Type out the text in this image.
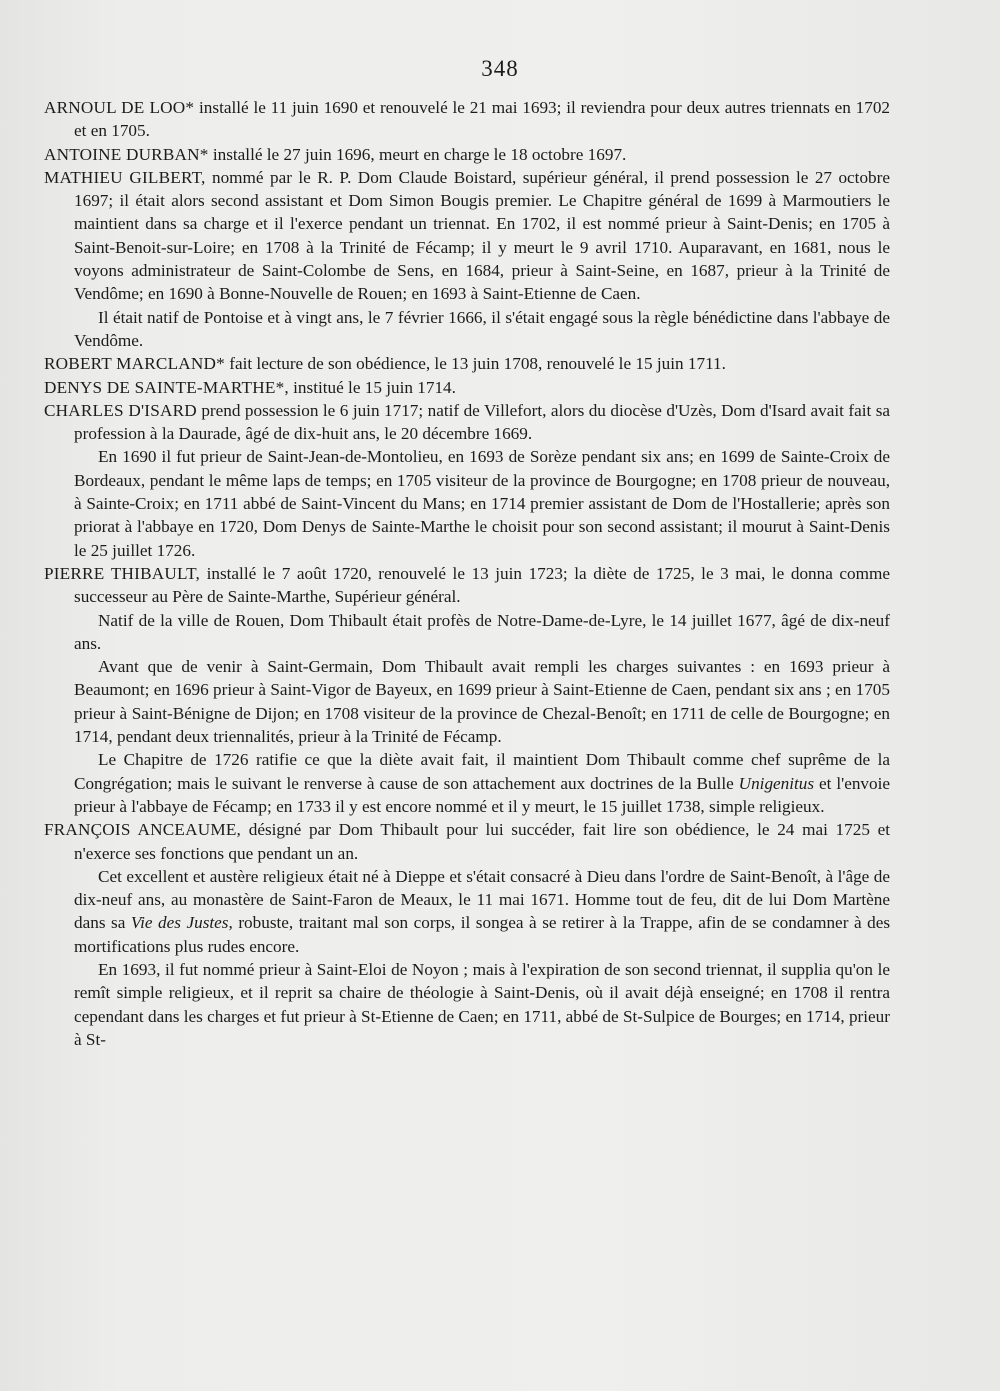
348

ARNOUL DE LOO* installé le 11 juin 1690 et renouvelé le 21 mai 1693; il reviendra pour deux autres triennats en 1702 et en 1705.

ANTOINE DURBAN* installé le 27 juin 1696, meurt en charge le 18 octobre 1697.

MATHIEU GILBERT, nommé par le R. P. Dom Claude Boistard, supérieur général, il prend possession le 27 octobre 1697; il était alors second assistant et Dom Simon Bougis premier. Le Chapitre général de 1699 à Marmoutiers le maintient dans sa charge et il l'exerce pendant un triennat. En 1702, il est nommé prieur à Saint-Denis; en 1705 à Saint-Benoit-sur-Loire; en 1708 à la Trinité de Fécamp; il y meurt le 9 avril 1710. Auparavant, en 1681, nous le voyons administrateur de Saint-Colombe de Sens, en 1684, prieur à Saint-Seine, en 1687, prieur à la Trinité de Vendôme; en 1690 à Bonne-Nouvelle de Rouen; en 1693 à Saint-Etienne de Caen.

Il était natif de Pontoise et à vingt ans, le 7 février 1666, il s'était engagé sous la règle bénédictine dans l'abbaye de Vendôme.

ROBERT MARCLAND* fait lecture de son obédience, le 13 juin 1708, renouvelé le 15 juin 1711.

DENYS DE SAINTE-MARTHE*, institué le 15 juin 1714.

CHARLES D'ISARD prend possession le 6 juin 1717; natif de Villefort, alors du diocèse d'Uzès, Dom d'Isard avait fait sa profession à la Daurade, âgé de dix-huit ans, le 20 décembre 1669.

En 1690 il fut prieur de Saint-Jean-de-Montolieu, en 1693 de Sorèze pendant six ans; en 1699 de Sainte-Croix de Bordeaux, pendant le même laps de temps; en 1705 visiteur de la province de Bourgogne; en 1708 prieur de nouveau, à Sainte-Croix; en 1711 abbé de Saint-Vincent du Mans; en 1714 premier assistant de Dom de l'Hostallerie; après son priorat à l'abbaye en 1720, Dom Denys de Sainte-Marthe le choisit pour son second assistant; il mourut à Saint-Denis le 25 juillet 1726.

PIERRE THIBAULT, installé le 7 août 1720, renouvelé le 13 juin 1723; la diète de 1725, le 3 mai, le donna comme successeur au Père de Sainte-Marthe, Supérieur général.

Natif de la ville de Rouen, Dom Thibault était profès de Notre-Dame-de-Lyre, le 14 juillet 1677, âgé de dix-neuf ans.

Avant que de venir à Saint-Germain, Dom Thibault avait rempli les charges suivantes : en 1693 prieur à Beaumont; en 1696 prieur à Saint-Vigor de Bayeux, en 1699 prieur à Saint-Etienne de Caen, pendant six ans ; en 1705 prieur à Saint-Bénigne de Dijon; en 1708 visiteur de la province de Chezal-Benoît; en 1711 de celle de Bourgogne; en 1714, pendant deux triennalités, prieur à la Trinité de Fécamp.

Le Chapitre de 1726 ratifie ce que la diète avait fait, il maintient Dom Thibault comme chef suprême de la Congrégation; mais le suivant le renverse à cause de son attachement aux doctrines de la Bulle Unigenitus et l'envoie prieur à l'abbaye de Fécamp; en 1733 il y est encore nommé et il y meurt, le 15 juillet 1738, simple religieux.

FRANÇOIS ANCEAUME, désigné par Dom Thibault pour lui succéder, fait lire son obédience, le 24 mai 1725 et n'exerce ses fonctions que pendant un an.

Cet excellent et austère religieux était né à Dieppe et s'était consacré à Dieu dans l'ordre de Saint-Benoît, à l'âge de dix-neuf ans, au monastère de Saint-Faron de Meaux, le 11 mai 1671. Homme tout de feu, dit de lui Dom Martène dans sa Vie des Justes, robuste, traitant mal son corps, il songea à se retirer à la Trappe, afin de se condamner à des mortifications plus rudes encore.

En 1693, il fut nommé prieur à Saint-Eloi de Noyon ; mais à l'expiration de son second triennat, il supplia qu'on le remît simple religieux, et il reprit sa chaire de théologie à Saint-Denis, où il avait déjà enseigné; en 1708 il rentra cependant dans les charges et fut prieur à St-Etienne de Caen; en 1711, abbé de St-Sulpice de Bourges; en 1714, prieur à St-
